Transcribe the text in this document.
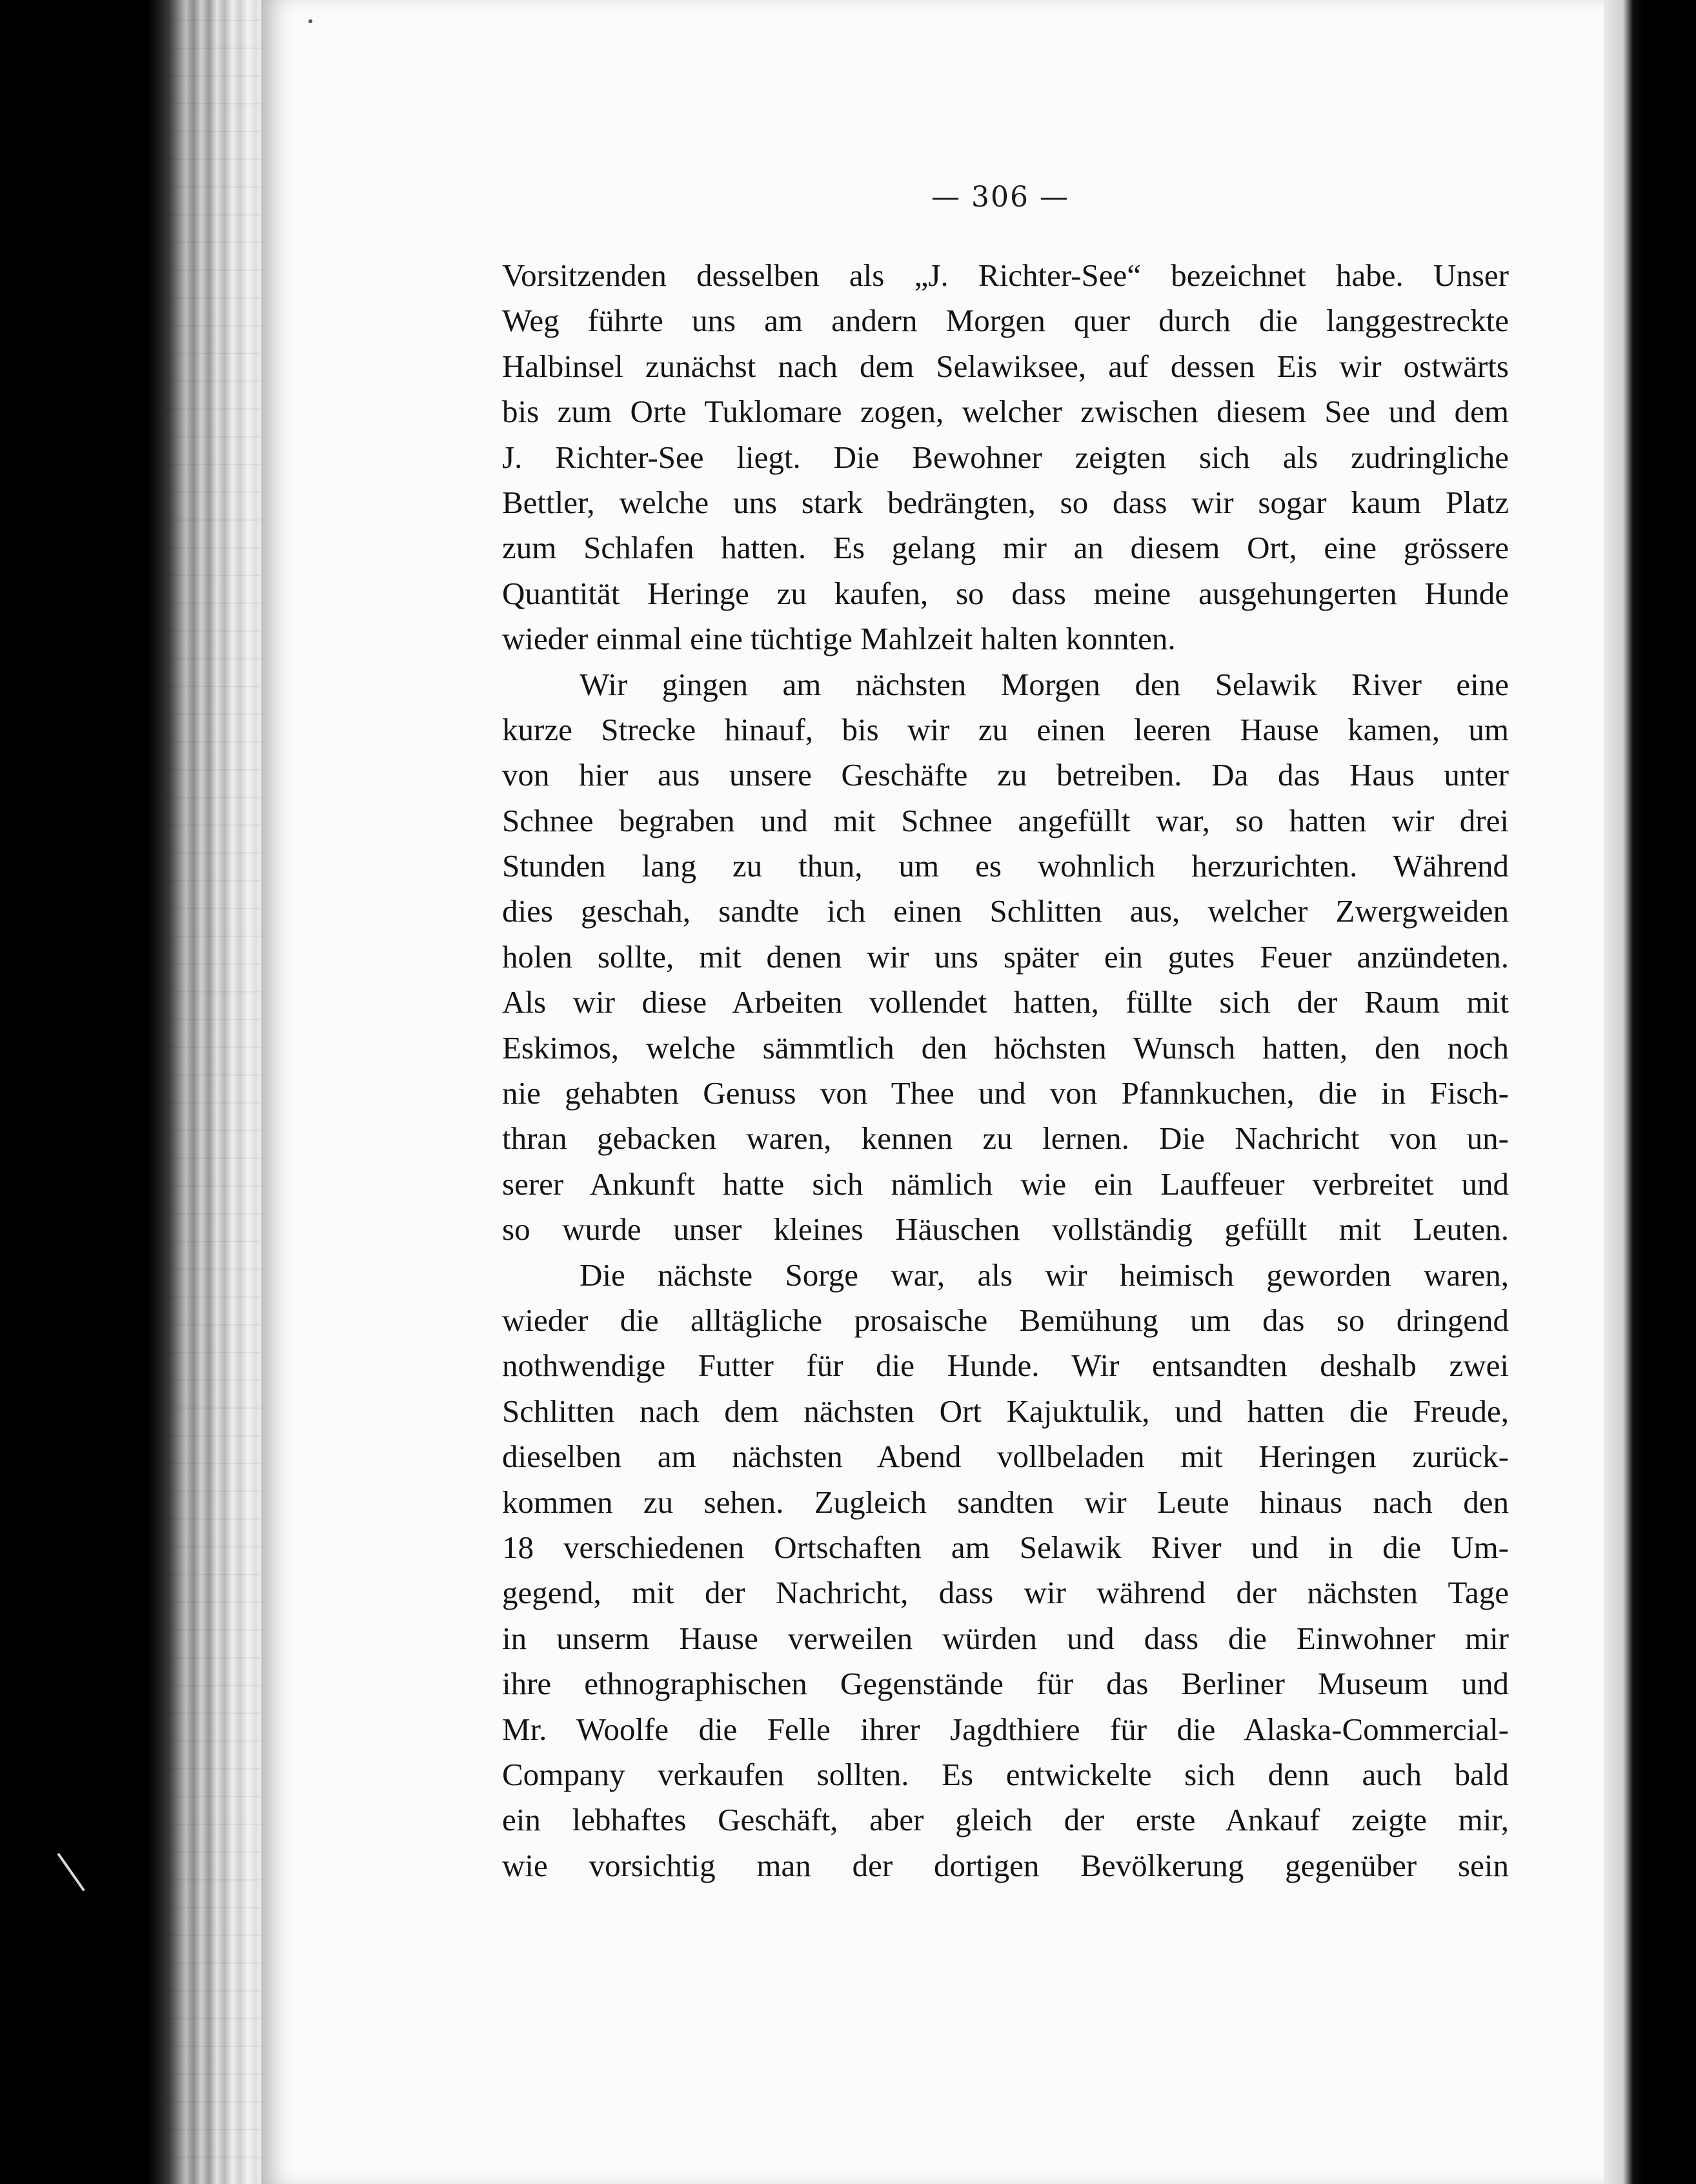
— 306 —
Vorsitzenden desselben als „J. Richter-See“ bezeichnet habe. Unser
Weg führte uns am andern Morgen quer durch die langgestreckte
Halbinsel zunächst nach dem Selawiksee, auf dessen Eis wir ostwärts
bis zum Orte Tuklomare zogen, welcher zwischen diesem See und dem
J. Richter-See liegt. Die Bewohner zeigten sich als zudringliche
Bettler, welche uns stark bedrängten, so dass wir sogar kaum Platz
zum Schlafen hatten. Es gelang mir an diesem Ort, eine grössere
Quantität Heringe zu kaufen, so dass meine ausgehungerten Hunde
wieder einmal eine tüchtige Mahlzeit halten konnten.
Wir gingen am nächsten Morgen den Selawik River eine
kurze Strecke hinauf, bis wir zu einen leeren Hause kamen, um
von hier aus unsere Geschäfte zu betreiben. Da das Haus unter
Schnee begraben und mit Schnee angefüllt war, so hatten wir drei
Stunden lang zu thun, um es wohnlich herzurichten. Während
dies geschah, sandte ich einen Schlitten aus, welcher Zwergweiden
holen sollte, mit denen wir uns später ein gutes Feuer anzündeten.
Als wir diese Arbeiten vollendet hatten, füllte sich der Raum mit
Eskimos, welche sämmtlich den höchsten Wunsch hatten, den noch
nie gehabten Genuss von Thee und von Pfannkuchen, die in Fisch-
thran gebacken waren, kennen zu lernen. Die Nachricht von un-
serer Ankunft hatte sich nämlich wie ein Lauffeuer verbreitet und
so wurde unser kleines Häuschen vollständig gefüllt mit Leuten.
Die nächste Sorge war, als wir heimisch geworden waren,
wieder die alltägliche prosaische Bemühung um das so dringend
nothwendige Futter für die Hunde. Wir entsandten deshalb zwei
Schlitten nach dem nächsten Ort Kajuktulik, und hatten die Freude,
dieselben am nächsten Abend vollbeladen mit Heringen zurück-
kommen zu sehen. Zugleich sandten wir Leute hinaus nach den
18 verschiedenen Ortschaften am Selawik River und in die Um-
gegend, mit der Nachricht, dass wir während der nächsten Tage
in unserm Hause verweilen würden und dass die Einwohner mir
ihre ethnographischen Gegenstände für das Berliner Museum und
Mr. Woolfe die Felle ihrer Jagdthiere für die Alaska-Commercial-
Company verkaufen sollten. Es entwickelte sich denn auch bald
ein lebhaftes Geschäft, aber gleich der erste Ankauf zeigte mir,
wie vorsichtig man der dortigen Bevölkerung gegenüber sein
